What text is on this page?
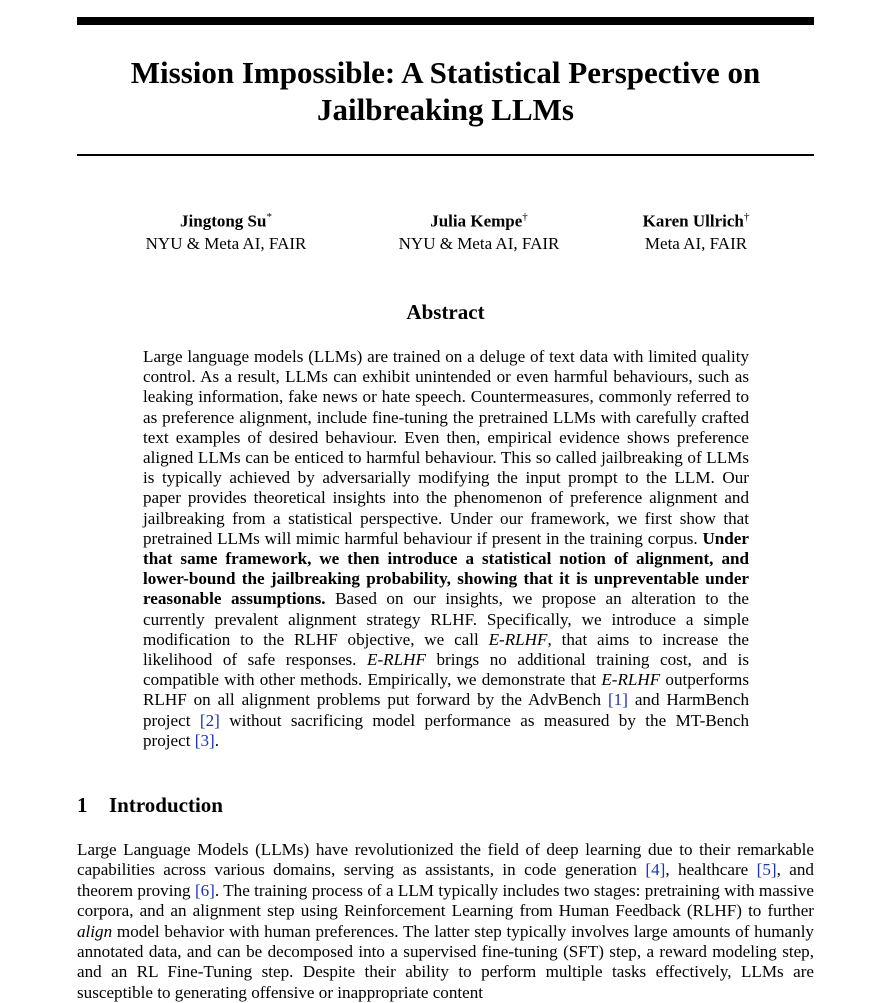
Mission Impossible: A Statistical Perspective on Jailbreaking LLMs
Jingtong Su*
NYU & Meta AI, FAIR
Julia Kempe†
NYU & Meta AI, FAIR
Karen Ullrich†
Meta AI, FAIR
Abstract

Large language models (LLMs) are trained on a deluge of text data with limited quality control. As a result, LLMs can exhibit unintended or even harmful behaviours, such as leaking information, fake news or hate speech. Countermeasures, commonly referred to as preference alignment, include fine-tuning the pretrained LLMs with carefully crafted text examples of desired behaviour. Even then, empirical evidence shows preference aligned LLMs can be enticed to harmful behaviour. This so called jailbreaking of LLMs is typically achieved by adversarially modifying the input prompt to the LLM. Our paper provides theoretical insights into the phenomenon of preference alignment and jailbreaking from a statistical perspective. Under our framework, we first show that pretrained LLMs will mimic harmful behaviour if present in the training corpus. Under that same framework, we then introduce a statistical notion of alignment, and lower-bound the jailbreaking probability, showing that it is unpreventable under reasonable assumptions. Based on our insights, we propose an alteration to the currently prevalent alignment strategy RLHF. Specifically, we introduce a simple modification to the RLHF objective, we call E-RLHF, that aims to increase the likelihood of safe responses. E-RLHF brings no additional training cost, and is compatible with other methods. Empirically, we demonstrate that E-RLHF outperforms RLHF on all alignment problems put forward by the AdvBench [1] and HarmBench project [2] without sacrificing model performance as measured by the MT-Bench project [3].

1 Introduction

Large Language Models (LLMs) have revolutionized the field of deep learning due to their remarkable capabilities across various domains, serving as assistants, in code generation [4], healthcare [5], and theorem proving [6]. The training process of a LLM typically includes two stages: pretraining with massive corpora, and an alignment step using Reinforcement Learning from Human Feedback (RLHF) to further align model behavior with human preferences. The latter step typically involves large amounts of humanly annotated data, and can be decomposed into a supervised fine-tuning (SFT) step, a reward modeling step, and an RL Fine-Tuning step. Despite their ability to perform multiple tasks effectively, LLMs are susceptible to generating offensive or inappropriate content
